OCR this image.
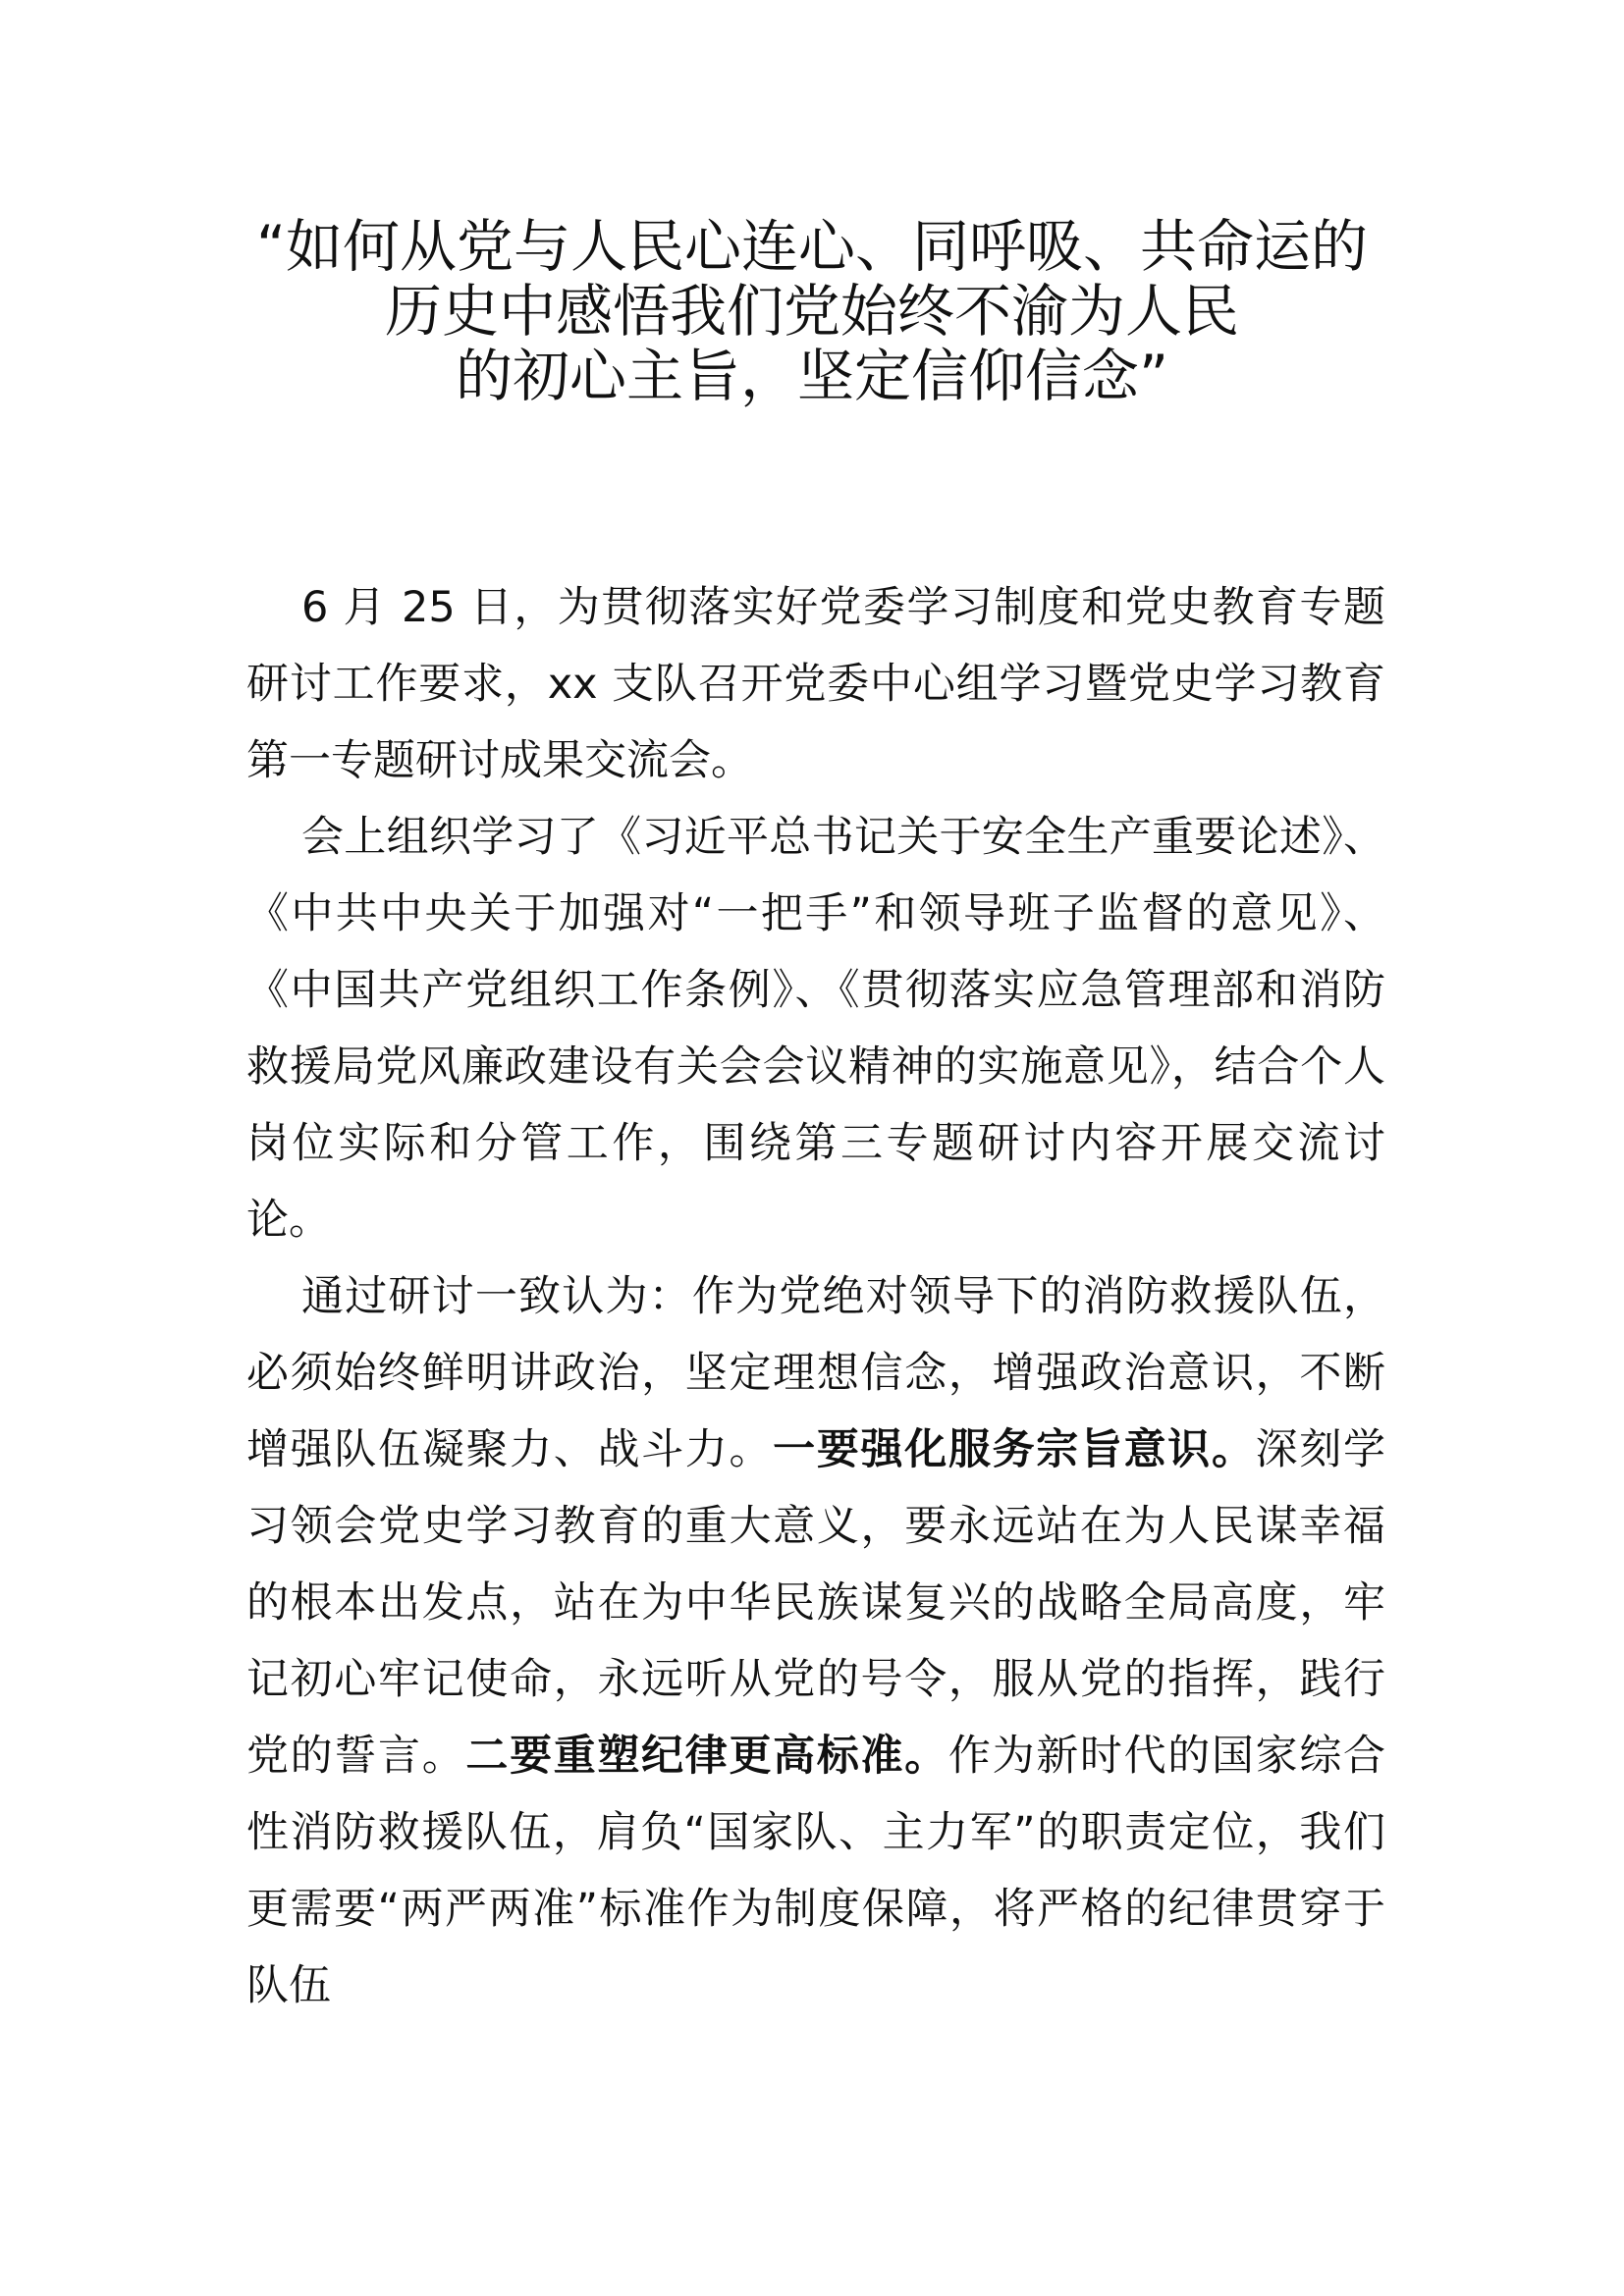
“如何从党与人民心连心、同呼吸、共命运的
历史中感悟我们党始终不渝为人民
的初心主旨，坚定信仰信念”

6 月 25 日，为贯彻落实好党委学习制度和党史教育专题研讨工作要求，xx 支队召开党委中心组学习暨党史学习教育第一专题研讨成果交流会。

会上组织学习了《习近平总书记关于安全生产重要论述》、《中共中央关于加强对“一把手”和领导班子监督的意见》、《中国共产党组织工作条例》、《贯彻落实应急管理部和消防救援局党风廉政建设有关会会议精神的实施意见》，结合个人岗位实际和分管工作，围绕第三专题研讨内容开展交流讨论。

通过研讨一致认为：作为党绝对领导下的消防救援队伍，必须始终鲜明讲政治，坚定理想信念，增强政治意识，不断增强队伍凝聚力、战斗力。一要强化服务宗旨意识。深刻学习领会党史学习教育的重大意义，要永远站在为人民谋幸福的根本出发点，站在为中华民族谋复兴的战略全局高度，牢记初心牢记使命，永远听从党的号令，服从党的指挥，践行党的誓言。二要重塑纪律更高标准。作为新时代的国家综合性消防救援队伍，肩负“国家队、主力军”的职责定位，我们更需要“两严两准”标准作为制度保障，将严格的纪律贯穿于队伍
